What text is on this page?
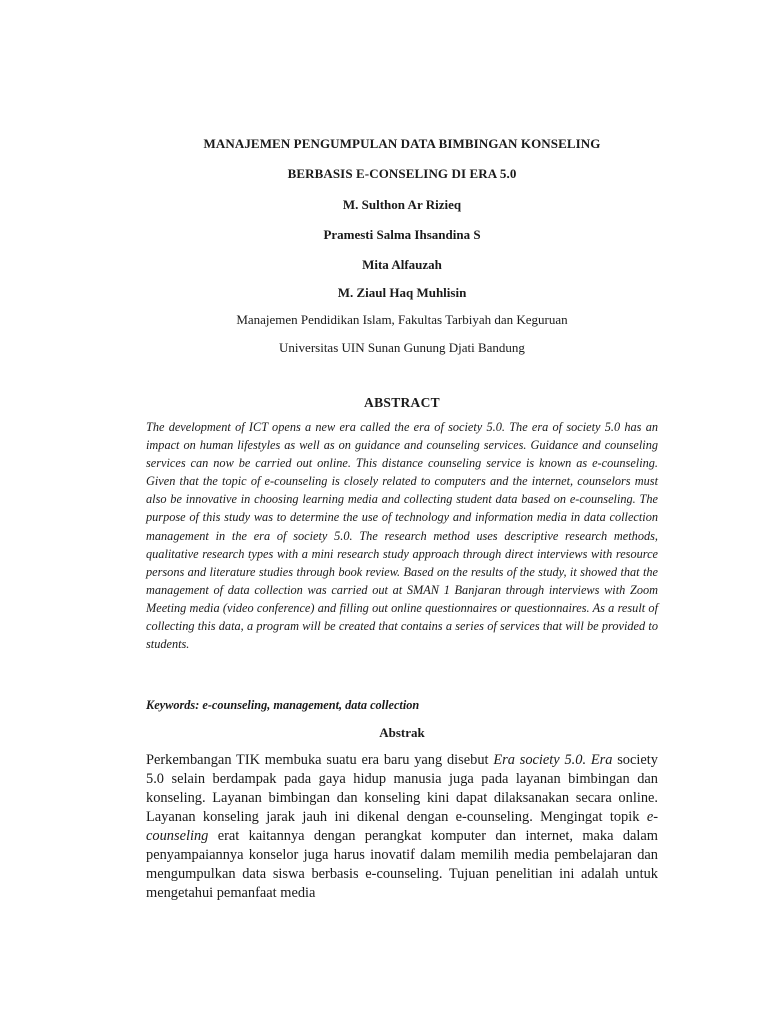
MANAJEMEN PENGUMPULAN DATA BIMBINGAN KONSELING

BERBASIS E-CONSELING DI ERA 5.0

M. Sulthon Ar Rizieq

Pramesti Salma Ihsandina S

Mita Alfauzah

M. Ziaul Haq Muhlisin

Manajemen Pendidikan Islam, Fakultas Tarbiyah dan Keguruan

Universitas UIN Sunan Gunung Djati Bandung

ABSTRACT

The development of ICT opens a new era called the era of society 5.0. The era of society 5.0 has an impact on human lifestyles as well as on guidance and counseling services. Guidance and counseling services can now be carried out online. This distance counseling service is known as e-counseling. Given that the topic of e-counseling is closely related to computers and the internet, counselors must also be innovative in choosing learning media and collecting student data based on e-counseling. The purpose of this study was to determine the use of technology and information media in data collection management in the era of society 5.0. The research method uses descriptive research methods, qualitative research types with a mini research study approach through direct interviews with resource persons and literature studies through book review. Based on the results of the study, it showed that the management of data collection was carried out at SMAN 1 Banjaran through interviews with Zoom Meeting media (video conference) and filling out online questionnaires or questionnaires. As a result of collecting this data, a program will be created that contains a series of services that will be provided to students.

Keywords: e-counseling, management, data collection

Abstrak

Perkembangan TIK membuka suatu era baru yang disebut Era society 5.0. Era society 5.0 selain berdampak pada gaya hidup manusia juga pada layanan bimbingan dan konseling. Layanan bimbingan dan konseling kini dapat dilaksanakan secara online. Layanan konseling jarak jauh ini dikenal dengan e-counseling. Mengingat topik e-counseling erat kaitannya dengan perangkat komputer dan internet, maka dalam penyampaiannya konselor juga harus inovatif dalam memilih media pembelajaran dan mengumpulkan data siswa berbasis e-counseling. Tujuan penelitian ini adalah untuk mengetahui pemanfaat media
